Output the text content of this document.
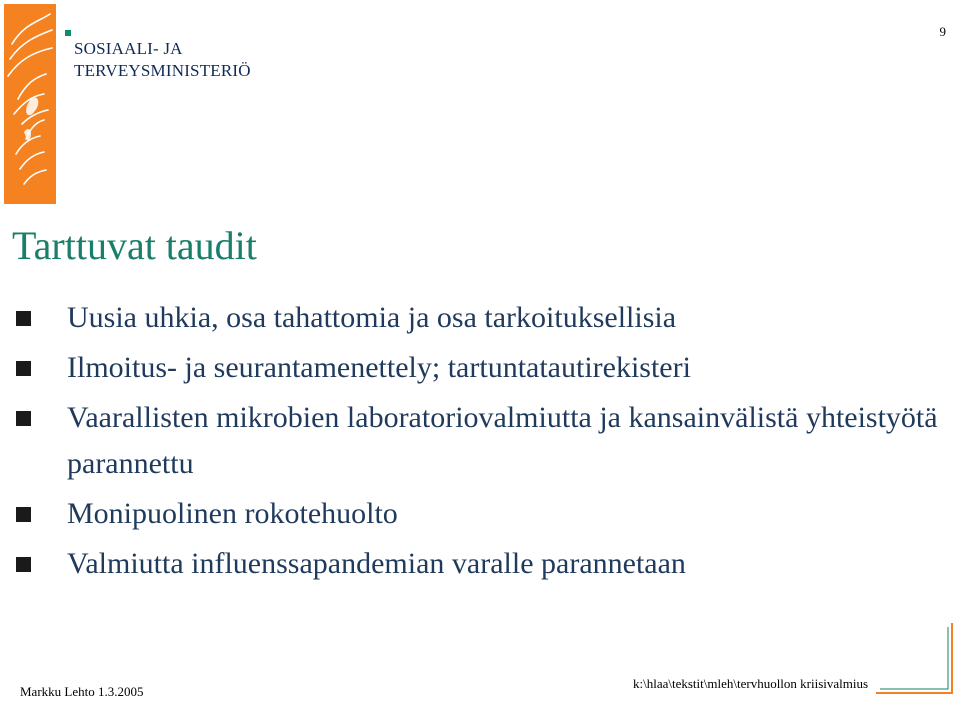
SOSIAALI- JA
TERVEYSMINISTERIÖ
9
Tarttuvat taudit
Uusia uhkia, osa tahattomia ja osa tarkoituksellisia
Ilmoitus- ja seurantamenettely; tartuntatautirekisteri
Vaarallisten mikrobien laboratoriovalmiutta ja kansainvälistä yhteistyötä parannettu
Monipuolinen rokotehuolto
Valmiutta influenssapandemian varalle parannetaan
Markku Lehto 1.3.2005
k:\hlaa\tekstit\mleh\tervhuollon kriisivalmius
